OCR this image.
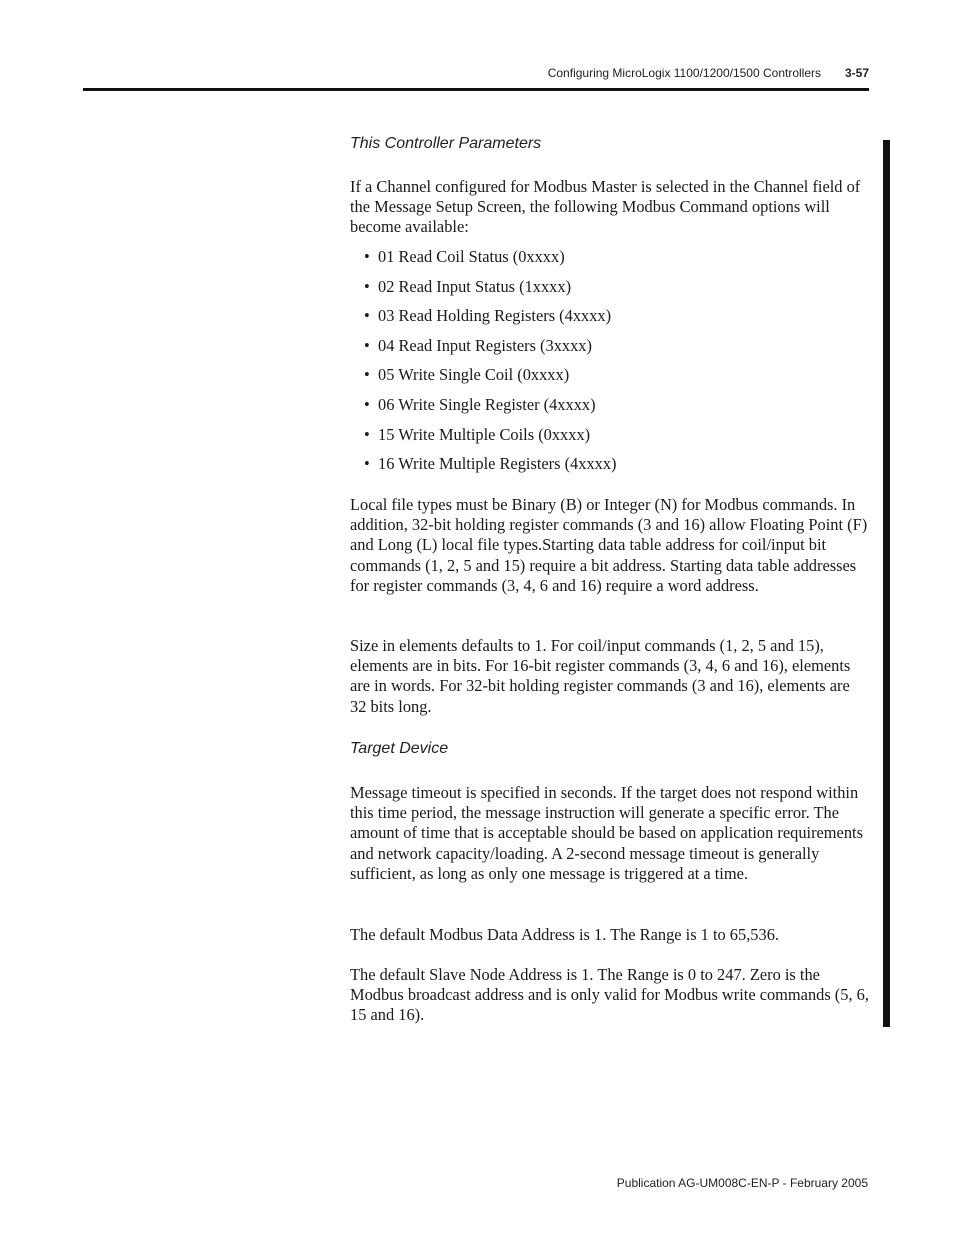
Configuring MicroLogix 1100/1200/1500 Controllers 3-57
This Controller Parameters
If a Channel configured for Modbus Master is selected in the Channel field of the Message Setup Screen, the following Modbus Command options will become available:
• 01 Read Coil Status (0xxxx)
• 02 Read Input Status (1xxxx)
• 03 Read Holding Registers (4xxxx)
• 04 Read Input Registers (3xxxx)
• 05 Write Single Coil (0xxxx)
• 06 Write Single Register (4xxxx)
• 15 Write Multiple Coils (0xxxx)
• 16 Write Multiple Registers (4xxxx)
Local file types must be Binary (B) or Integer (N) for Modbus commands. In addition, 32-bit holding register commands (3 and 16) allow Floating Point (F) and Long (L) local file types.Starting data table address for coil/input bit commands (1, 2, 5 and 15) require a bit address. Starting data table addresses for register commands (3, 4, 6 and 16) require a word address.
Size in elements defaults to 1. For coil/input commands (1, 2, 5 and 15), elements are in bits. For 16-bit register commands (3, 4, 6 and 16), elements are in words. For 32-bit holding register commands (3 and 16), elements are 32 bits long.
Target Device
Message timeout is specified in seconds. If the target does not respond within this time period, the message instruction will generate a specific error. The amount of time that is acceptable should be based on application requirements and network capacity/loading. A 2-second message timeout is generally sufficient, as long as only one message is triggered at a time.
The default Modbus Data Address is 1. The Range is 1 to 65,536.
The default Slave Node Address is 1. The Range is 0 to 247. Zero is the Modbus broadcast address and is only valid for Modbus write commands (5, 6, 15 and 16).
Publication AG-UM008C-EN-P - February 2005
